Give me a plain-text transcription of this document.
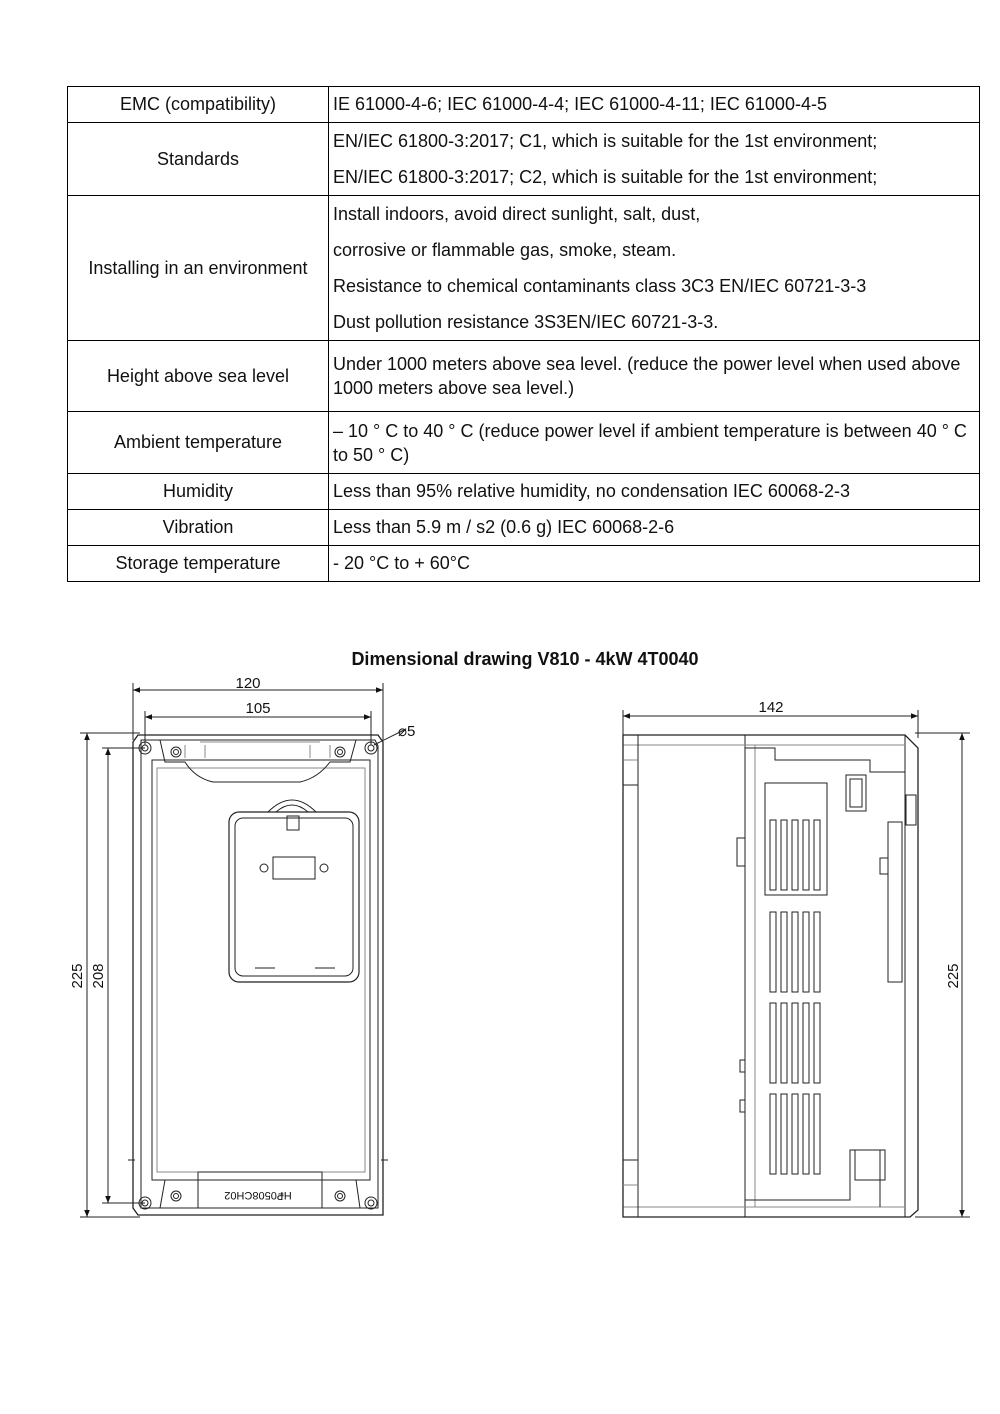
EMC (compatibility)	IE 61000-4-6; IEC 61000-4-4; IEC 61000-4-11; IEC 61000-4-5
Standards	EN/IEC 61800-3:2017; C1, which is suitable for the 1st environment;
EN/IEC 61800-3:2017; C2, which is suitable for the 1st environment;

Installing in an environment	Install indoors, avoid direct sunlight, salt, dust,
corrosive or flammable gas, smoke, steam.
Resistance to chemical contaminants class 3C3 EN/IEC 60721-3-3
Dust pollution resistance 3S3EN/IEC 60721-3-3.

Height above sea level	Under 1000 meters above sea level. (reduce the power level when used above 1000 meters above sea level.)
Ambient temperature	– 10 ° C to 40 ° C (reduce power level if ambient temperature is between 40 ° C to 50 ° C)
Humidity	Less than 95% relative humidity, no condensation IEC 60068-2-3
Vibration	Less than 5.9 m / s2 (0.6 g) IEC 60068-2-6
Storage temperature	- 20 °C to + 60°C
Dimensional drawing V810 - 4kW 4T0040
120
105
⌀5
225 208
H₽0508CH02
142
225
